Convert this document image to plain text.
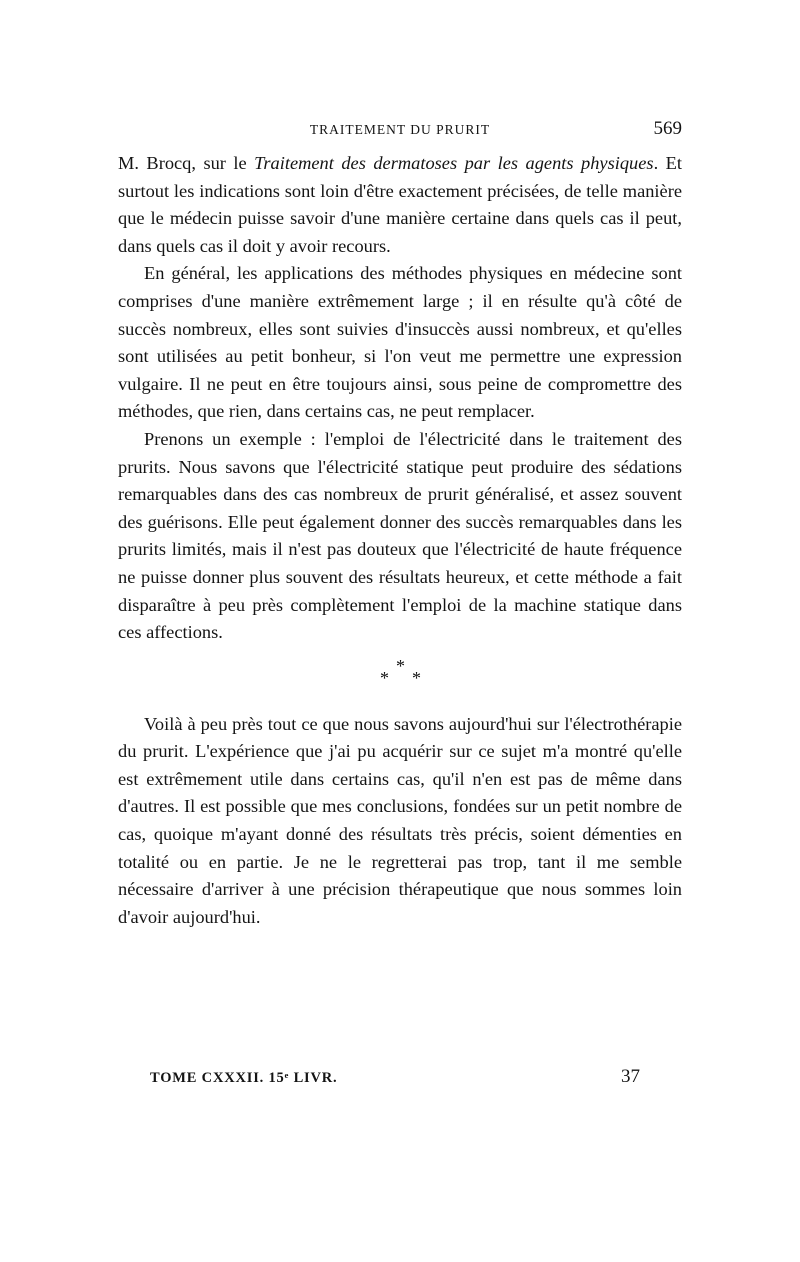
TRAITEMENT DU PRURIT	569

M. Brocq, sur le Traitement des dermatoses par les agents physiques. Et surtout les indications sont loin d'être exactement précisées, de telle manière que le médecin puisse savoir d'une manière certaine dans quels cas il peut, dans quels cas il doit y avoir recours.

En général, les applications des méthodes physiques en médecine sont comprises d'une manière extrêmement large ; il en résulte qu'à côté de succès nombreux, elles sont suivies d'insuccès aussi nombreux, et qu'elles sont utilisées au petit bonheur, si l'on veut me permettre une expression vulgaire. Il ne peut en être toujours ainsi, sous peine de compromettre des méthodes, que rien, dans certains cas, ne peut remplacer.

Prenons un exemple : l'emploi de l'électricité dans le traitement des prurits. Nous savons que l'électricité statique peut produire des sédations remarquables dans des cas nombreux de prurit généralisé, et assez souvent des guérisons. Elle peut également donner des succès remarquables dans les prurits limités, mais il n'est pas douteux que l'électricité de haute fréquence ne puisse donner plus souvent des résultats heureux, et cette méthode a fait disparaître à peu près complètement l'emploi de la machine statique dans ces affections.

*
*
*

Voilà à peu près tout ce que nous savons aujourd'hui sur l'électrothérapie du prurit. L'expérience que j'ai pu acquérir sur ce sujet m'a montré qu'elle est extrêmement utile dans certains cas, qu'il n'en est pas de même dans d'autres. Il est possible que mes conclusions, fondées sur un petit nombre de cas, quoique m'ayant donné des résultats très précis, soient démenties en totalité ou en partie. Je ne le regretterai pas trop, tant il me semble nécessaire d'arriver à une précision thérapeutique que nous sommes loin d'avoir aujourd'hui.

TOME CXXXII. 15ᵉ LIVR.	37
